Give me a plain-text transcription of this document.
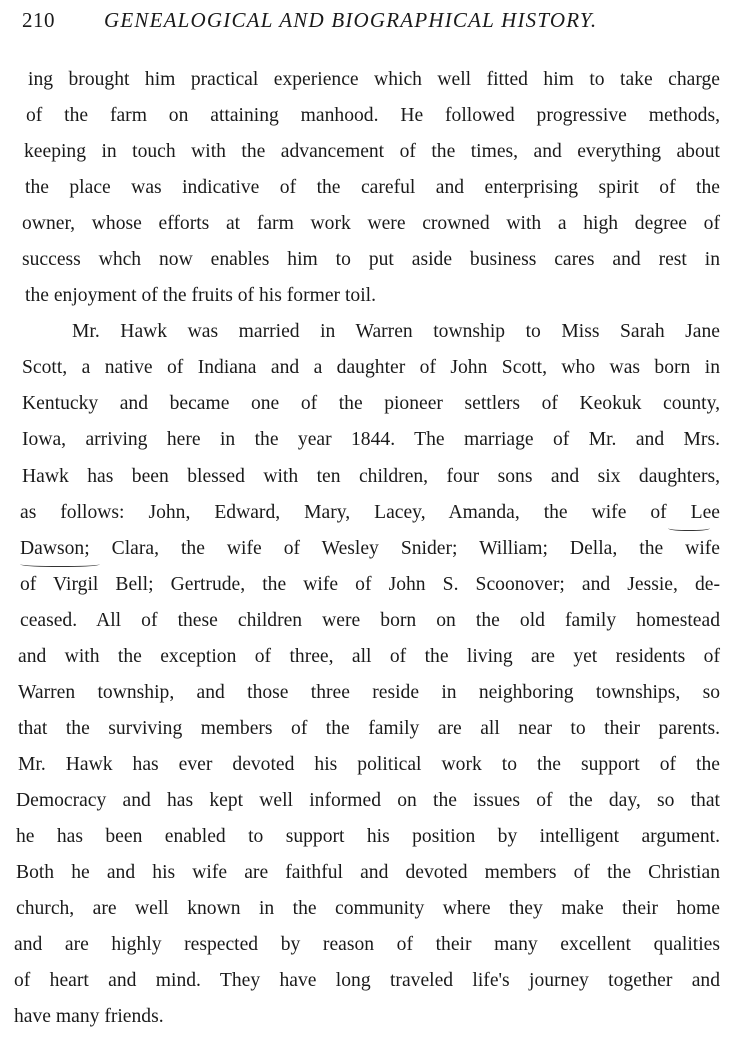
210 GENEALOGICAL AND BIOGRAPHICAL HISTORY.
ing brought him practical experience which well fitted him to take charge
of the farm on attaining manhood. He followed progressive methods,
keeping in touch with the advancement of the times, and everything about
the place was indicative of the careful and enterprising spirit of the
owner, whose efforts at farm work were crowned with a high degree of
success whch now enables him to put aside business cares and rest in
the enjoyment of the fruits of his former toil.
Mr. Hawk was married in Warren township to Miss Sarah Jane
Scott, a native of Indiana and a daughter of John Scott, who was born in
Kentucky and became one of the pioneer settlers of Keokuk county,
Iowa, arriving here in the year 1844. The marriage of Mr. and Mrs.
Hawk has been blessed with ten children, four sons and six daughters,
as follows: John, Edward, Mary, Lacey, Amanda, the wife of Lee
Dawson; Clara, the wife of Wesley Snider; William; Della, the wife
of Virgil Bell; Gertrude, the wife of John S. Scoonover; and Jessie, de-
ceased. All of these children were born on the old family homestead
and with the exception of three, all of the living are yet residents of
Warren township, and those three reside in neighboring townships, so
that the surviving members of the family are all near to their parents.
Mr. Hawk has ever devoted his political work to the support of the
Democracy and has kept well informed on the issues of the day, so that
he has been enabled to support his position by intelligent argument.
Both he and his wife are faithful and devoted members of the Christian
church, are well known in the community where they make their home
and are highly respected by reason of their many excellent qualities
of heart and mind. They have long traveled life's journey together and
have many friends.
